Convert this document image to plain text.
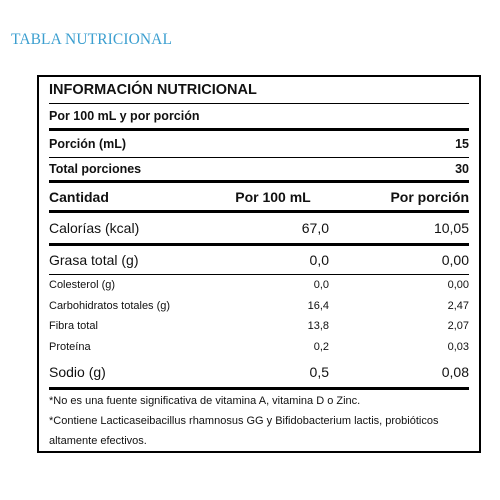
TABLA NUTRICIONAL
INFORMACIÓN NUTRICIONAL
Por 100 mL y por porción
Porción (mL)	15
Total porciones	30
Cantidad	Por 100 mL	Por porción
Calorías (kcal)	67,0	10,05
Grasa total (g)	0,0	0,00
Colesterol (g)	0,0	0,00
Carbohidratos totales (g)	16,4	2,47
Fibra total	13,8	2,07
Proteína	0,2	0,03
Sodio (g)	0,5	0,08

*No es una fuente significativa de vitamina A, vitamina D o Zinc.

*Contiene Lacticaseibacillus rhamnosus GG y Bifidobacterium lactis, probióticos altamente efectivos.
